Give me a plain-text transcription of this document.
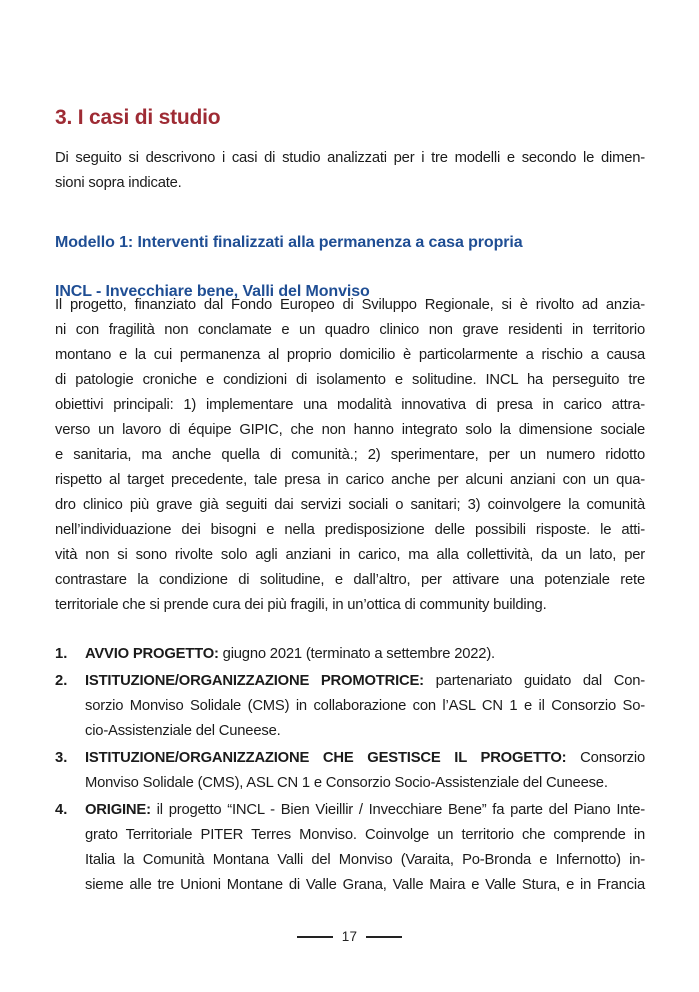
3. I casi di studio
Di seguito si descrivono i casi di studio analizzati per i tre modelli e secondo le dimen-
sioni sopra indicate.
Modello 1: Interventi finalizzati alla permanenza a casa propria
INCL - Invecchiare bene, Valli del Monviso
Il progetto, finanziato dal Fondo Europeo di Sviluppo Regionale, si è rivolto ad anzia-
ni con fragilità non conclamate e un quadro clinico non grave residenti in territorio
montano e la cui permanenza al proprio domicilio è particolarmente a rischio a causa
di patologie croniche e condizioni di isolamento e solitudine. INCL ha perseguito tre
obiettivi principali: 1) implementare una modalità innovativa di presa in carico attra-
verso un lavoro di équipe GIPIC, che non hanno integrato solo la dimensione sociale
e sanitaria, ma anche quella di comunità.; 2) sperimentare, per un numero ridotto
rispetto al target precedente, tale presa in carico anche per alcuni anziani con un qua-
dro clinico più grave già seguiti dai servizi sociali o sanitari; 3) coinvolgere la comunità
nell’individuazione dei bisogni e nella predisposizione delle possibili risposte. le atti-
vità non si sono rivolte solo agli anziani in carico, ma alla collettività, da un lato, per
contrastare la condizione di solitudine, e dall’altro, per attivare una potenziale rete
territoriale che si prende cura dei più fragili, in un’ottica di community building.
1. AVVIO PROGETTO: giugno 2021 (terminato a settembre 2022).
2. ISTITUZIONE/ORGANIZZAZIONE PROMOTRICE: partenariato guidato dal Con-
sorzio Monviso Solidale (CMS) in collaborazione con l’ASL CN 1 e il Consorzio So-
cio-Assistenziale del Cuneese.
3. ISTITUZIONE/ORGANIZZAZIONE CHE GESTISCE IL PROGETTO: Consorzio
Monviso Solidale (CMS), ASL CN 1 e Consorzio Socio-Assistenziale del Cuneese.
4. ORIGINE: il progetto “INCL - Bien Vieillir / Invecchiare Bene” fa parte del Piano Inte-
grato Territoriale PITER Terres Monviso. Coinvolge un territorio che comprende in
Italia la Comunità Montana Valli del Monviso (Varaita, Po-Bronda e Infernotto) in-
sieme alle tre Unioni Montane di Valle Grana, Valle Maira e Valle Stura, e in Francia
17
